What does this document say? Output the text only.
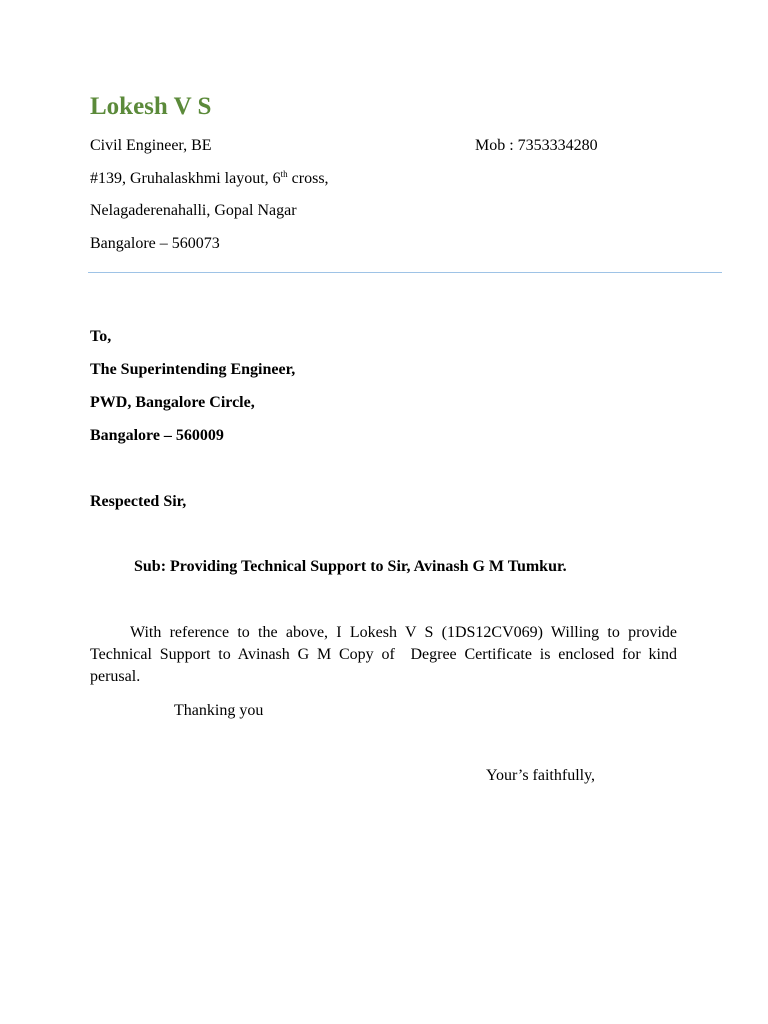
Lokesh V S
Civil Engineer, BE	Mob : 7353334280
#139, Gruhalaskhmi layout, 6th cross,
Nelagaderenahalli, Gopal Nagar
Bangalore – 560073
To,
The Superintending Engineer,
PWD, Bangalore Circle,
Bangalore – 560009
Respected Sir,
Sub: Providing Technical Support to Sir, Avinash G M Tumkur.
With reference to the above, I Lokesh V S (1DS12CV069) Willing to provide Technical Support to Avinash G M Copy of  Degree Certificate is enclosed for kind perusal.
Thanking you
Your’s faithfully,
